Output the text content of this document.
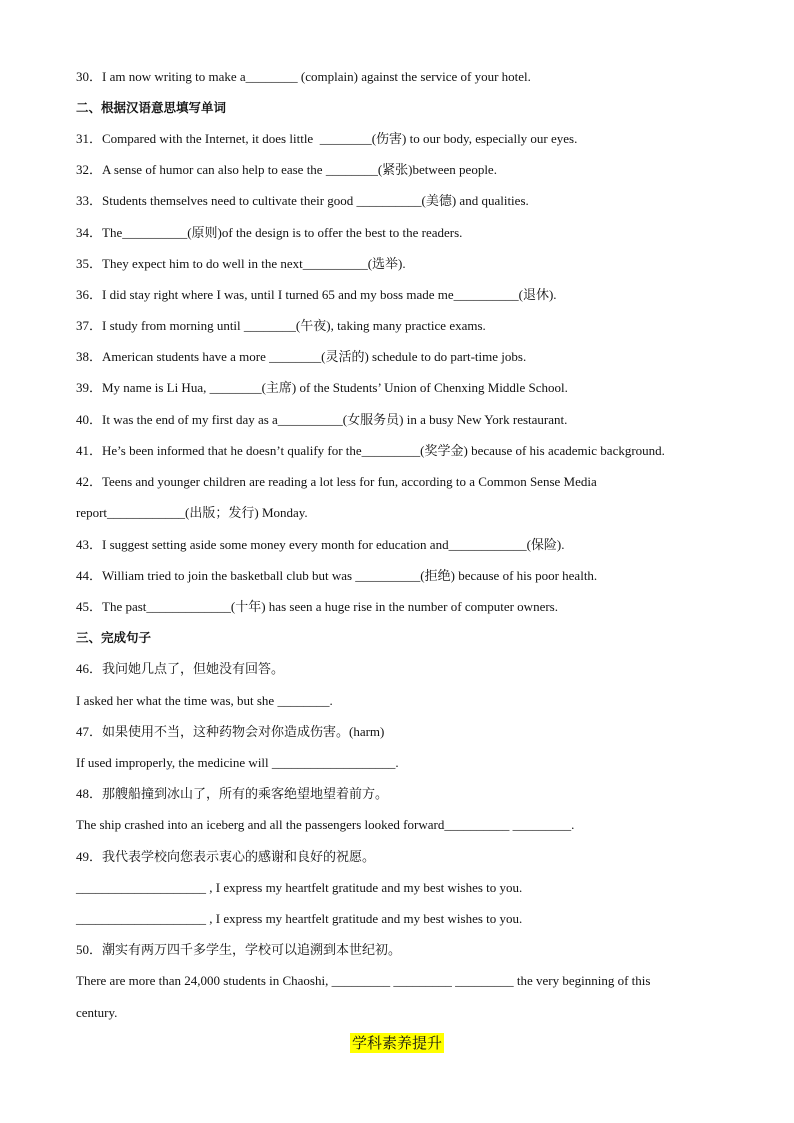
30．I am now writing to make a________ (complain) against the service of your hotel.
二、根据汉语意思填写单词
31．Compared with the Internet, it does little  ________(伤害) to our body, especially our eyes.
32．A sense of humor can also help to ease the ________(紧张)between people.
33．Students themselves need to cultivate their good __________(美德) and qualities.
34．The__________(原则)of the design is to offer the best to the readers.
35．They expect him to do well in the next__________(选举).
36．I did stay right where I was, until I turned 65 and my boss made me__________(退休).
37．I study from morning until ________(午夜), taking many practice exams.
38．American students have a more ________(灵活的) schedule to do part-time jobs.
39．My name is Li Hua, ________(主席) of the Students’ Union of Chenxing Middle School.
40．It was the end of my first day as a__________(女服务员) in a busy New York restaurant.
41．He’s been informed that he doesn’t qualify for the_________(奖学金) because of his academic background.
42．Teens and younger children are reading a lot less for fun, according to a Common Sense Media
report____________(出版；发行) Monday.
43．I suggest setting aside some money every month for education and____________(保险).
44．William tried to join the basketball club but was __________(拒绝) because of his poor health.
45．The past_____________(十年) has seen a huge rise in the number of computer owners.
三、完成句子
46．我问她几点了，但她没有回答。
I asked her what the time was, but she ________.
47．如果使用不当，这种药物会对你造成伤害。(harm)
If used improperly, the medicine will ___________________.
48．那艘船撞到冰山了，所有的乘客绝望地望着前方。
The ship crashed into an iceberg and all the passengers looked forward__________ _________.
49．我代表学校向您表示衷心的感谢和良好的祝愿。
____________________ , I express my heartfelt gratitude and my best wishes to you.
____________________ , I express my heartfelt gratitude and my best wishes to you.
50．潮实有两万四千多学生，学校可以追溯到本世纪初。
There are more than 24,000 students in Chaoshi, _________ _________ _________ the very beginning of this
century.
学科素养提升
